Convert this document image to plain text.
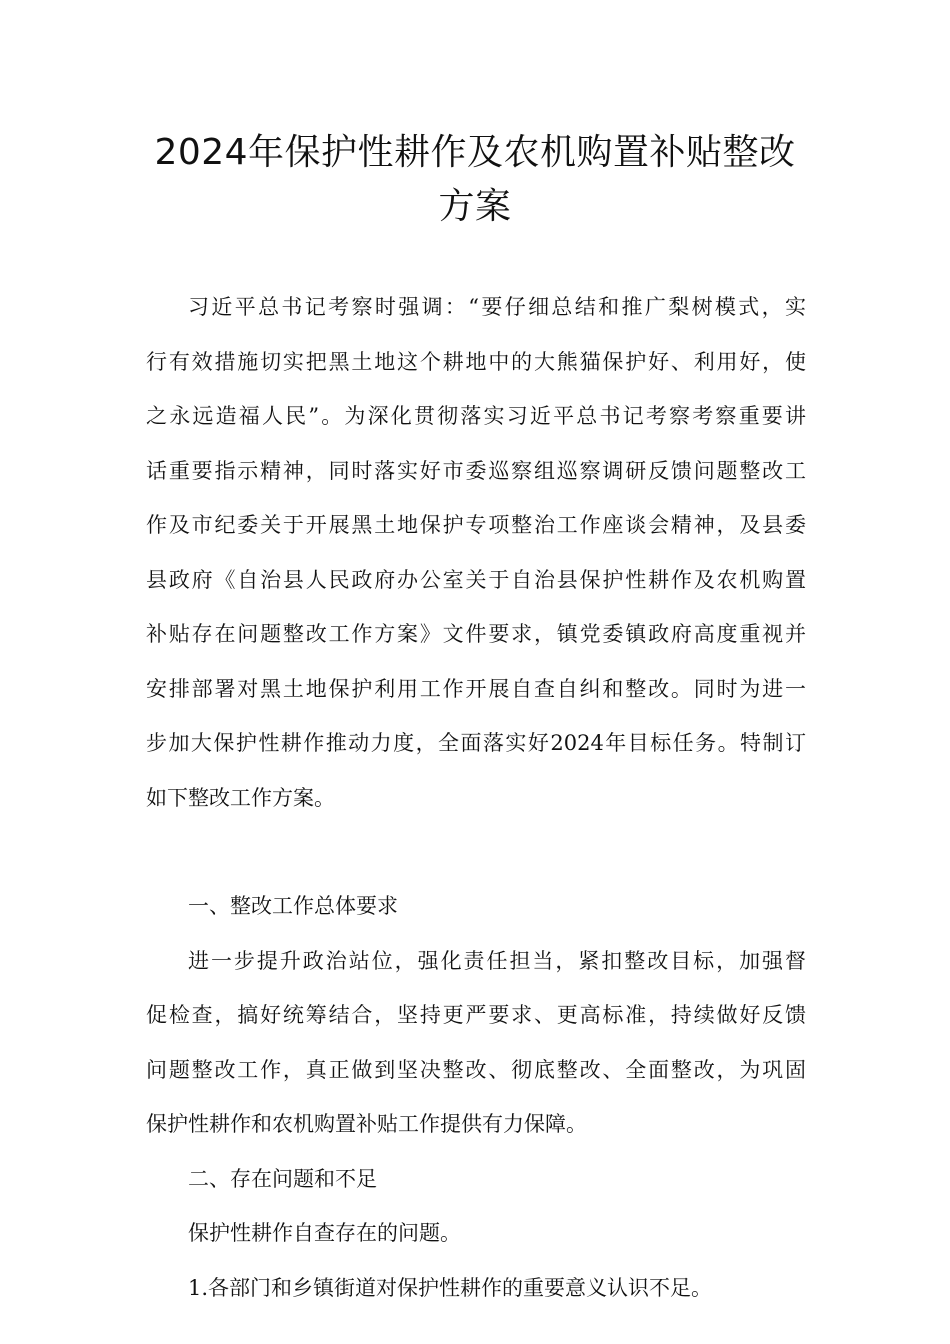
2024年保护性耕作及农机购置补贴整改
方案
习近平总书记考察时强调：“要仔细总结和推广梨树模式，实
行有效措施切实把黑土地这个耕地中的大熊猫保护好、利用好，使
之永远造福人民”。为深化贯彻落实习近平总书记考察考察重要讲
话重要指示精神，同时落实好市委巡察组巡察调研反馈问题整改工
作及市纪委关于开展黑土地保护专项整治工作座谈会精神，及县委
县政府《自治县人民政府办公室关于自治县保护性耕作及农机购置
补贴存在问题整改工作方案》文件要求，镇党委镇政府高度重视并
安排部署对黑土地保护利用工作开展自查自纠和整改。同时为进一
步加大保护性耕作推动力度，全面落实好2024年目标任务。特制订
如下整改工作方案。

一、整改工作总体要求

进一步提升政治站位，强化责任担当，紧扣整改目标，加强督
促检查，搞好统筹结合，坚持更严要求、更高标准，持续做好反馈
问题整改工作，真正做到坚决整改、彻底整改、全面整改，为巩固
保护性耕作和农机购置补贴工作提供有力保障。

二、存在问题和不足

保护性耕作自查存在的问题。

1.各部门和乡镇街道对保护性耕作的重要意义认识不足。
